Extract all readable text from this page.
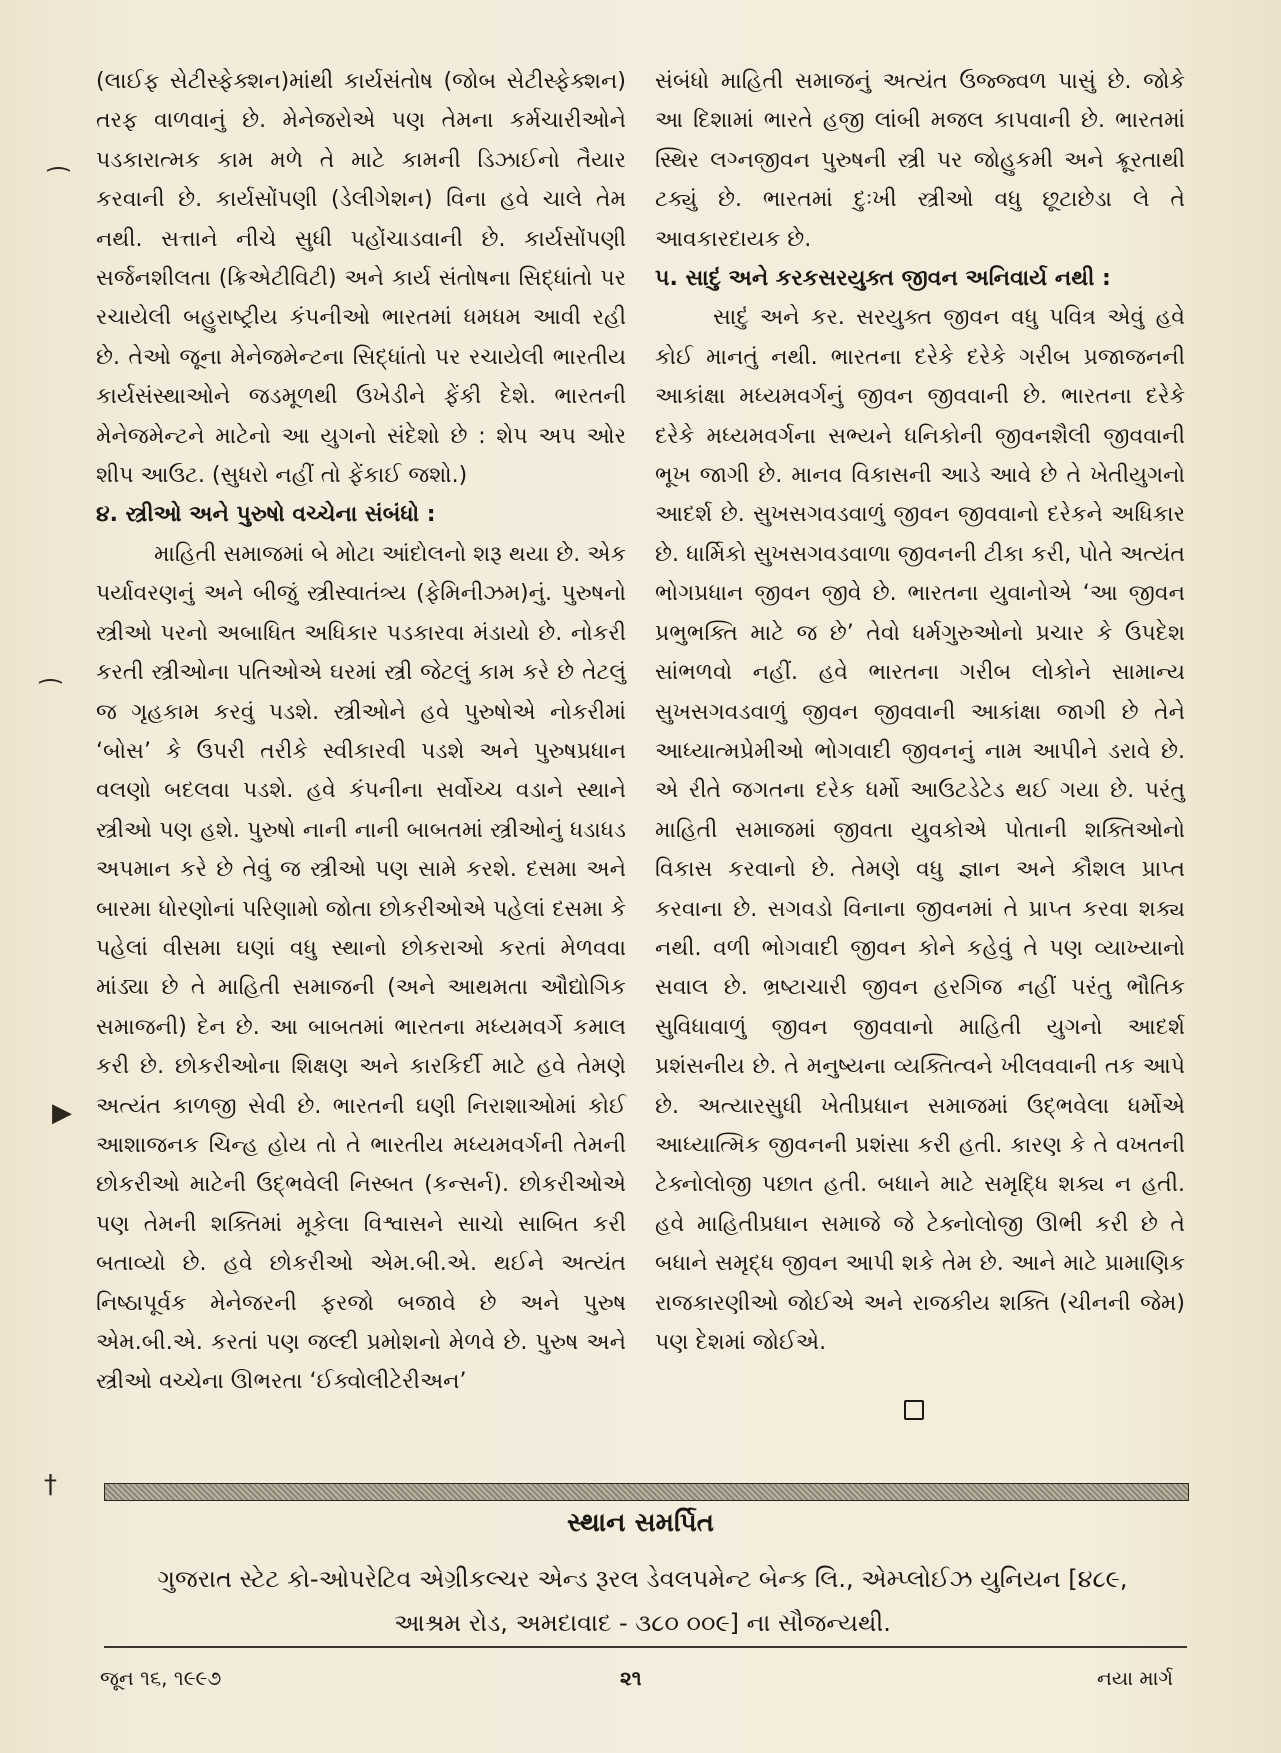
(લાઈફ સેટીસ્ફેક્શન)માંથી કાર્યસંતોષ (જોબ સેટીસ્ફેક્શન) તરફ વાળવાનું છે. મેનેજરોએ પણ તેમના કર્મચારીઓને પડકારાત્મક કામ મળે તે માટે કામની ડિઝાઈનો તૈયાર કરવાની છે. કાર્યસોંપણી (ડેલીગેશન) વિના હવે ચાલે તેમ નથી. સત્તાને નીચે સુધી પહોંચાડવાની છે. કાર્યસોંપણી સર્જનશીલતા (ક્રિએટીવિટી) અને કાર્ય સંતોષના સિદ્ધાંતો પર રચાયેલી બહુરાષ્ટ્રીય કંપનીઓ ભારતમાં ધમધમ આવી રહી છે. તેઓ જૂના મેનેજમેન્ટના સિદ્ધાંતો પર રચાયેલી ભારતીય કાર્યસંસ્થાઓને જડમૂળથી ઉખેડીને ફેંકી દેશે. ભારતની મેનેજમેન્ટને માટેનો આ યુગનો સંદેશો છે : શેપ અપ ઓર શીપ આઉટ. (સુધરો નહીં તો ફેંકાઈ જશો.)

૪. સ્ત્રીઓ અને પુરુષો વચ્ચેના સંબંધો :

માહિતી સમાજમાં બે મોટા આંદોલનો શરૂ થયા છે. એક પર્યાવરણનું અને બીજું સ્ત્રીસ્વાતંત્ર્ય (ફેમિનીઝમ)નું. પુરુષનો સ્ત્રીઓ પરનો અબાધિત અધિકાર પડકારવા મંડાયો છે. નોકરી કરતી સ્ત્રીઓના પતિઓએ ઘરમાં સ્ત્રી જેટલું કામ કરે છે તેટલું જ ગૃહકામ કરવું પડશે. સ્ત્રીઓને હવે પુરુષોએ નોકરીમાં ‘બોસ’ કે ઉપરી તરીકે સ્વીકારવી પડશે અને પુરુષપ્રધાન વલણો બદલવા પડશે. હવે કંપનીના સર્વોચ્ચ વડાને સ્થાને સ્ત્રીઓ પણ હશે. પુરુષો નાની નાની બાબતમાં સ્ત્રીઓનું ધડાધડ અપમાન કરે છે તેવું જ સ્ત્રીઓ પણ સામે કરશે. દસમા અને બારમા ધોરણોનાં પરિણામો જોતા છોકરીઓએ પહેલાં દસમા કે પહેલાં વીસમા ઘણાં વધુ સ્થાનો છોકરાઓ કરતાં મેળવવા માંડ્યા છે તે માહિતી સમાજની (અને આથમતા ઔદ્યોગિક સમાજની) દેન છે. આ બાબતમાં ભારતના મધ્યમવર્ગે કમાલ કરી છે. છોકરીઓના શિક્ષણ અને કારકિર્દી માટે હવે તેમણે અત્યંત કાળજી સેવી છે. ભારતની ઘણી નિરાશાઓમાં કોઈ આશાજનક ચિન્હ હોય તો તે ભારતીય મધ્યમવર્ગની તેમની છોકરીઓ માટેની ઉદ્ભવેલી નિસ્બત (કન્સર્ન). છોકરીઓએ પણ તેમની શક્તિમાં મૂકેલા વિશ્વાસને સાચો સાબિત કરી બતાવ્યો છે. હવે છોકરીઓ એમ.બી.એ. થઈને અત્યંત નિષ્ઠાપૂર્વક મેનેજરની ફરજો બજાવે છે અને પુરુષ એમ.બી.એ. કરતાં પણ જલ્દી પ્રમોશનો મેળવે છે. પુરુષ અને સ્ત્રીઓ વચ્ચેના ઊભરતા ‘ઈક્વોલીટેરીઅન’

સંબંધો માહિતી સમાજનું અત્યંત ઉજ્જ્વળ પાસું છે. જોકે આ દિશામાં ભારતે હજી લાંબી મજલ કાપવાની છે. ભારતમાં સ્થિર લગ્નજીવન પુરુષની સ્ત્રી પર જોહુકમી અને ક્રૂરતાથી ટક્યું છે. ભારતમાં દુઃખી સ્ત્રીઓ વધુ છૂટાછેડા લે તે આવકારદાયક છે.

૫. સાદું અને કરકસરયુક્ત જીવન અનિવાર્ય નથી :

સાદું અને કર. સરયુક્ત જીવન વધુ પવિત્ર એવું હવે કોઈ માનતું નથી. ભારતના દરેકે દરેકે ગરીબ પ્રજાજનની આકાંક્ષા મધ્યમવર્ગનું જીવન જીવવાની છે. ભારતના દરેકે દરેકે મધ્યમવર્ગના સભ્યને ધનિકોની જીવનશૈલી જીવવાની ભૂખ જાગી છે. માનવ વિકાસની આડે આવે છે તે ખેતીયુગનો આદર્શ છે. સુખસગવડવાળું જીવન જીવવાનો દરેકને અધિકાર છે. ધાર્મિકો સુખસગવડવાળા જીવનની ટીકા કરી, પોતે અત્યંત ભોગપ્રધાન જીવન જીવે છે. ભારતના યુવાનોએ ‘આ જીવન પ્રભુભક્તિ માટે જ છે’ તેવો ધર્મગુરુઓનો પ્રચાર કે ઉપદેશ સાંભળવો નહીં. હવે ભારતના ગરીબ લોકોને સામાન્ય સુખસગવડવાળું જીવન જીવવાની આકાંક્ષા જાગી છે તેને આધ્યાત્મપ્રેમીઓ ભોગવાદી જીવનનું નામ આપીને ડરાવે છે. એ રીતે જગતના દરેક ધર્મો આઉટડેટેડ થઈ ગયા છે. પરંતુ માહિતી સમાજમાં જીવતા યુવકોએ પોતાની શક્તિઓનો વિકાસ કરવાનો છે. તેમણે વધુ જ્ઞાન અને કૌશલ પ્રાપ્ત કરવાના છે. સગવડો વિનાના જીવનમાં તે પ્રાપ્ત કરવા શક્ય નથી. વળી ભોગવાદી જીવન કોને કહેવું તે પણ વ્યાખ્યાનો સવાલ છે. ભ્રષ્ટાચારી જીવન હરગિજ નહીં પરંતુ ભૌતિક સુવિધાવાળું જીવન જીવવાનો માહિતી યુગનો આદર્શ પ્રશંસનીય છે. તે મનુષ્યના વ્યક્તિત્વને ખીલવવાની તક આપે છે. અત્યારસુધી ખેતીપ્રધાન સમાજમાં ઉદ્ભવેલા ધર્મોએ આધ્યાત્મિક જીવનની પ્રશંસા કરી હતી. કારણ કે તે વખતની ટેક્નોલોજી પછાત હતી. બધાને માટે સમૃદ્ધિ શક્ય ન હતી. હવે માહિતીપ્રધાન સમાજે જે ટેક્નોલોજી ઊભી કરી છે તે બધાને સમૃદ્ધ જીવન આપી શકે તેમ છે. આને માટે પ્રામાણિક રાજકારણીઓ જોઈએ અને રાજકીય શક્તિ (ચીનની જેમ) પણ દેશમાં જોઈએ.

⁀
⁀
▶
†
સ્થાન સમર્પિત
ગુજરાત સ્ટેટ કો-ઓપરેટિવ એગ્રીકલ્ચર એન્ડ રૂરલ ડેવલપમેન્ટ બેન્ક લિ., એમ્પ્લોઈઝ યુનિયન [૪૮૯,
આશ્રમ રોડ, અમદાવાદ - ૩૮૦ ૦૦૯] ના સૌજન્યથી.
જૂન ૧૬, ૧૯૯૭	૨૧	નયા માર્ગ
